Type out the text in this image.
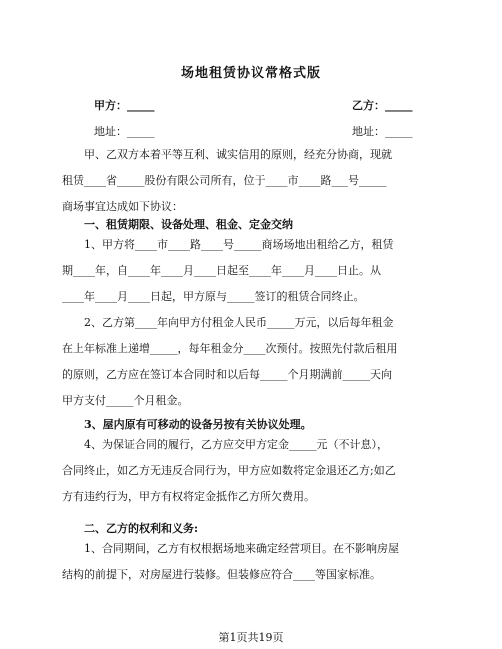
场地租赁协议常格式版
甲方：_____	乙方：_____
地址：_____	地址：_____
甲、乙双方本着平等互利、诚实信用的原则，经充分协商，现就
租赁____省_____股份有限公司所有，位于____市____路___号_____
商场事宜达成如下协议：
一、租赁期限、设备处理、租金、定金交纳
1、甲方将____市____路____号_____商场场地出租给乙方，租赁
期____年，自____年____月____日起至____年____月____日止。从
____年____月____日起，甲方原与_____签订的租赁合同终止。
2、乙方第____年向甲方付租金人民币_____万元，以后每年租金
在上年标准上递增_____，每年租金分____次预付。按照先付款后租用
的原则，乙方应在签订本合同时和以后每_____个月期满前_____天向
甲方支付_____个月租金。
3、屋内原有可移动的设备另按有关协议处理。
4、为保证合同的履行，乙方应交甲方定金_____元（不计息），
合同终止，如乙方无违反合同行为，甲方应如数将定金退还乙方;如乙
方有违约行为，甲方有权将定金抵作乙方所欠费用。
二、乙方的权利和义务:
1、合同期间，乙方有权根据场地来确定经营项目。在不影响房屋
结构的前提下，对房屋进行装修。但装修应符合____等国家标准。
第1页共19页
